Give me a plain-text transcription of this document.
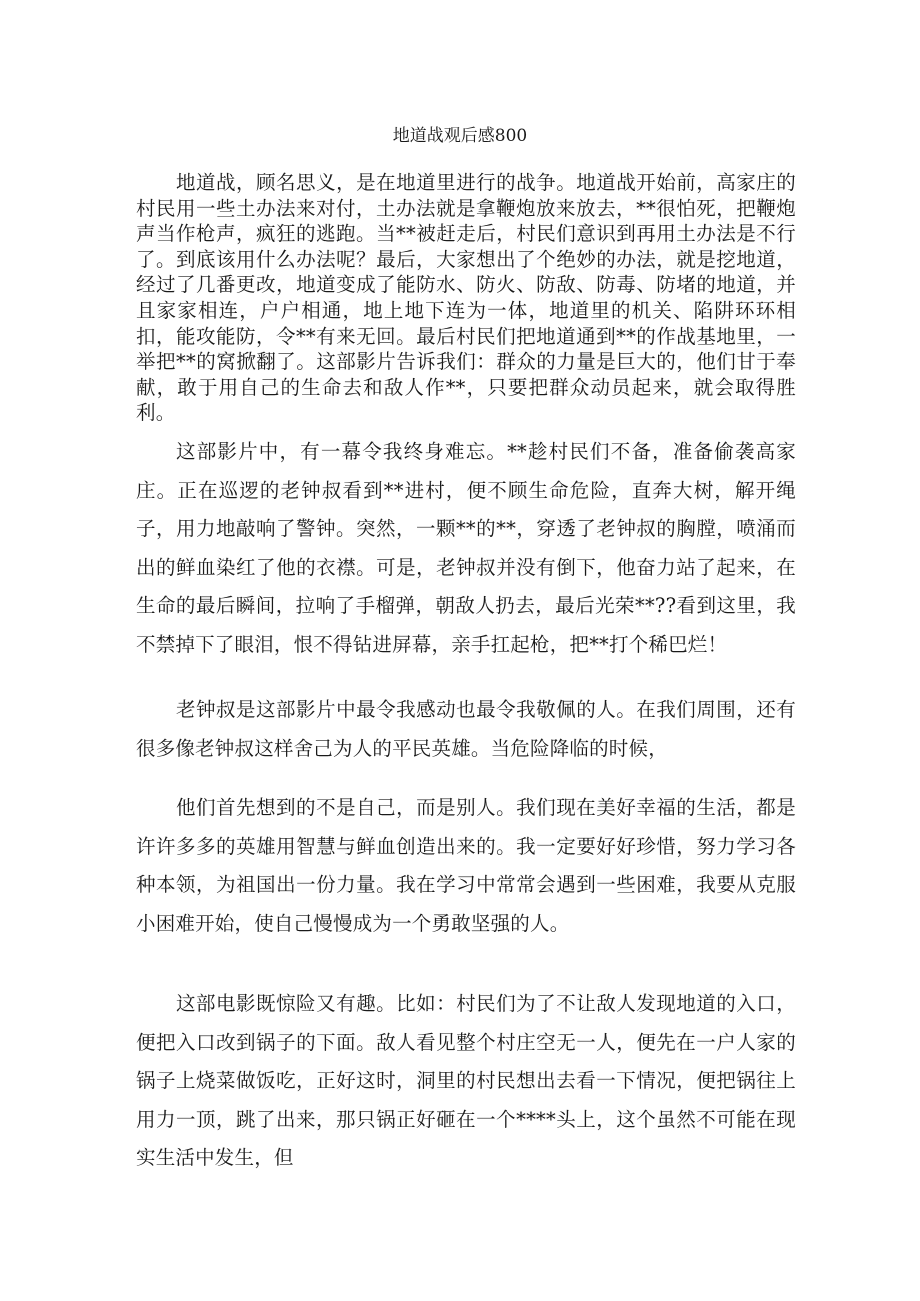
地道战观后感800

地道战，顾名思义，是在地道里进行的战争。地道战开始前，高家庄的村民用一些土办法来对付，土办法就是拿鞭炮放来放去，**很怕死，把鞭炮声当作枪声，疯狂的逃跑。当**被赶走后，村民们意识到再用土办法是不行了。到底该用什么办法呢？最后，大家想出了个绝妙的办法，就是挖地道，经过了几番更改，地道变成了能防水、防火、防敌、防毒、防堵的地道，并且家家相连，户户相通，地上地下连为一体，地道里的机关、陷阱环环相扣，能攻能防，令**有来无回。最后村民们把地道通到**的作战基地里，一举把**的窝掀翻了。这部影片告诉我们：群众的力量是巨大的，他们甘于奉献，敢于用自己的生命去和敌人作**，只要把群众动员起来，就会取得胜利。

这部影片中，有一幕令我终身难忘。**趁村民们不备，准备偷袭高家庄。正在巡逻的老钟叔看到**进村，便不顾生命危险，直奔大树，解开绳子，用力地敲响了警钟。突然，一颗**的**，穿透了老钟叔的胸膛，喷涌而出的鲜血染红了他的衣襟。可是，老钟叔并没有倒下，他奋力站了起来，在生命的最后瞬间，拉响了手榴弹，朝敌人扔去，最后光荣**??看到这里，我不禁掉下了眼泪，恨不得钻进屏幕，亲手扛起枪，把**打个稀巴烂！

老钟叔是这部影片中最令我感动也最令我敬佩的人。在我们周围，还有很多像老钟叔这样舍己为人的平民英雄。当危险降临的时候，

他们首先想到的不是自己，而是别人。我们现在美好幸福的生活，都是许许多多的英雄用智慧与鲜血创造出来的。我一定要好好珍惜，努力学习各种本领，为祖国出一份力量。我在学习中常常会遇到一些困难，我要从克服小困难开始，使自己慢慢成为一个勇敢坚强的人。

这部电影既惊险又有趣。比如：村民们为了不让敌人发现地道的入口，便把入口改到锅子的下面。敌人看见整个村庄空无一人，便先在一户人家的锅子上烧菜做饭吃，正好这时，洞里的村民想出去看一下情况，便把锅往上用力一顶，跳了出来，那只锅正好砸在一个****头上，这个虽然不可能在现实生活中发生，但
